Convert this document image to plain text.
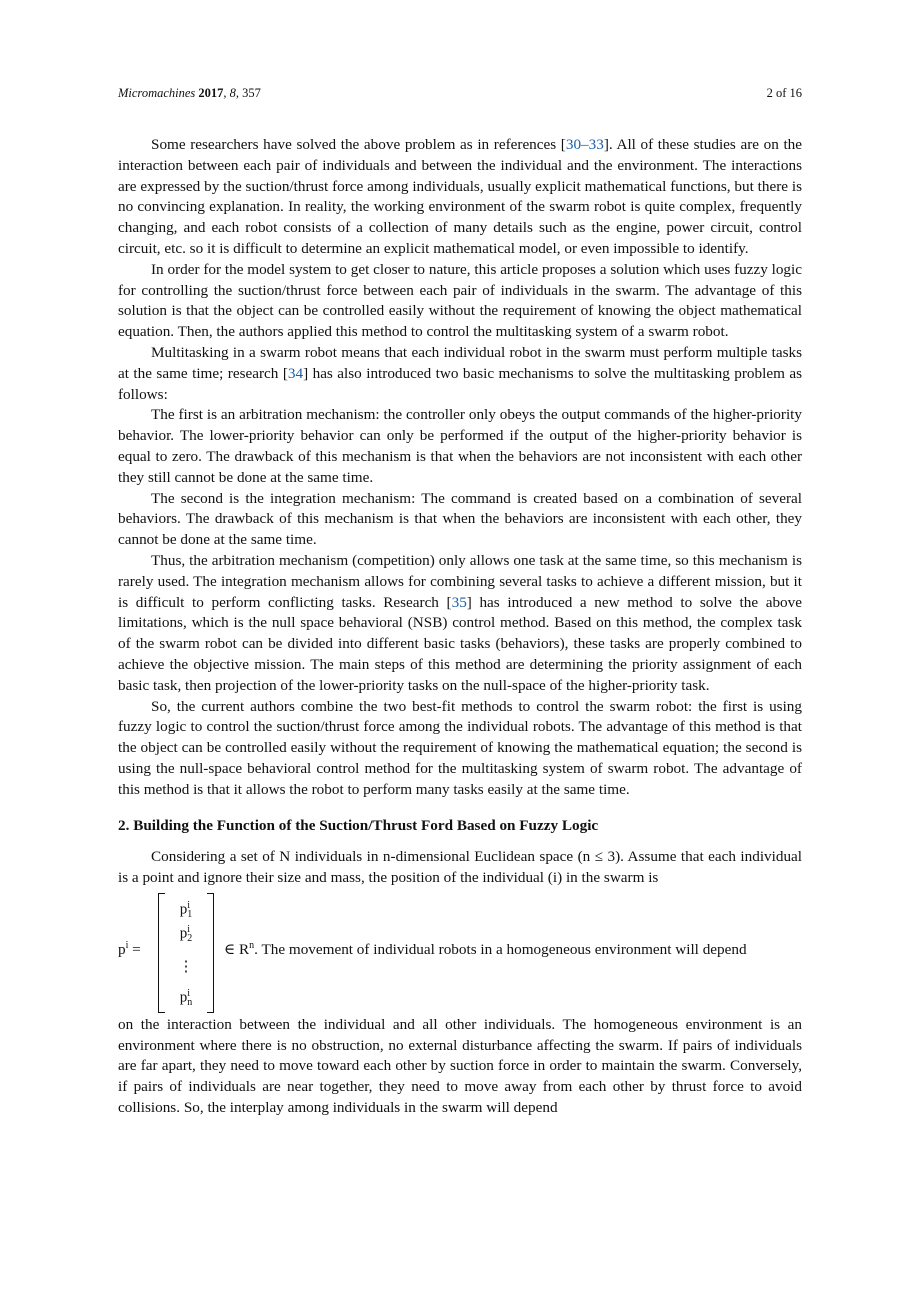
Micromachines 2017, 8, 357	2 of 16

Some researchers have solved the above problem as in references [30–33]. All of these studies are on the interaction between each pair of individuals and between the individual and the environment. The interactions are expressed by the suction/thrust force among individuals, usually explicit mathematical functions, but there is no convincing explanation. In reality, the working environment of the swarm robot is quite complex, frequently changing, and each robot consists of a collection of many details such as the engine, power circuit, control circuit, etc. so it is difficult to determine an explicit mathematical model, or even impossible to identify.

In order for the model system to get closer to nature, this article proposes a solution which uses fuzzy logic for controlling the suction/thrust force between each pair of individuals in the swarm. The advantage of this solution is that the object can be controlled easily without the requirement of knowing the object mathematical equation. Then, the authors applied this method to control the multitasking system of a swarm robot.

Multitasking in a swarm robot means that each individual robot in the swarm must perform multiple tasks at the same time; research [34] has also introduced two basic mechanisms to solve the multitasking problem as follows:

The first is an arbitration mechanism: the controller only obeys the output commands of the higher-priority behavior. The lower-priority behavior can only be performed if the output of the higher-priority behavior is equal to zero. The drawback of this mechanism is that when the behaviors are not inconsistent with each other they still cannot be done at the same time.

The second is the integration mechanism: The command is created based on a combination of several behaviors. The drawback of this mechanism is that when the behaviors are inconsistent with each other, they cannot be done at the same time.

Thus, the arbitration mechanism (competition) only allows one task at the same time, so this mechanism is rarely used. The integration mechanism allows for combining several tasks to achieve a different mission, but it is difficult to perform conflicting tasks. Research [35] has introduced a new method to solve the above limitations, which is the null space behavioral (NSB) control method. Based on this method, the complex task of the swarm robot can be divided into different basic tasks (behaviors), these tasks are properly combined to achieve the objective mission. The main steps of this method are determining the priority assignment of each basic task, then projection of the lower-priority tasks on the null-space of the higher-priority task.

So, the current authors combine the two best-fit methods to control the swarm robot: the first is using fuzzy logic to control the suction/thrust force among the individual robots. The advantage of this method is that the object can be controlled easily without the requirement of knowing the mathematical equation; the second is using the null-space behavioral control method for the multitasking system of swarm robot. The advantage of this method is that it allows the robot to perform many tasks easily at the same time.

2. Building the Function of the Suction/Thrust Ford Based on Fuzzy Logic

Considering a set of N individuals in n-dimensional Euclidean space (n ≤ 3). Assume that each individual is a point and ignore their size and mass, the position of the individual (i) in the swarm is

$p^i$ =
p i
1
p i
2
⋮
p i
n
∈ $R^n$. The movement of individual robots in a homogeneous environment will depend

on the interaction between the individual and all other individuals. The homogeneous environment is an environment where there is no obstruction, no external disturbance affecting the swarm. If pairs of individuals are far apart, they need to move toward each other by suction force in order to maintain the swarm. Conversely, if pairs of individuals are near together, they need to move away from each other by thrust force to avoid collisions. So, the interplay among individuals in the swarm will depend
